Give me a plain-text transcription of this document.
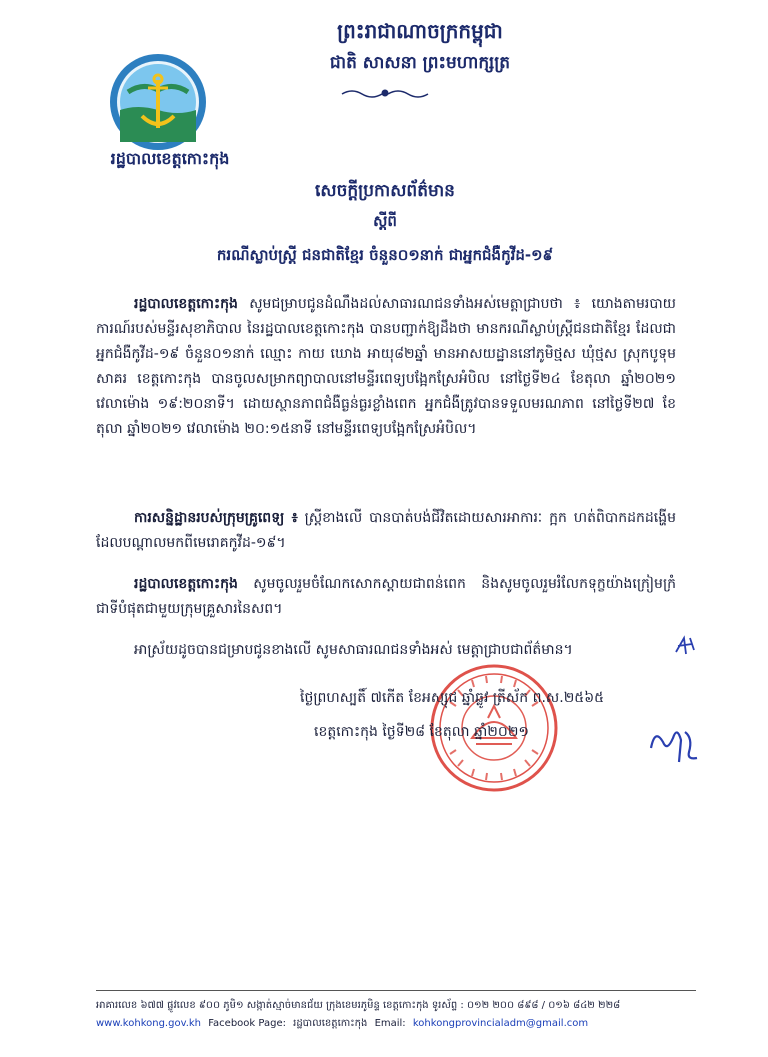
ព្រះរាជាណាចក្រកម្ពុជា
ជាតិ សាសនា ព្រះមហាក្សត្រ
រដ្ឋបាលខេត្តកោះកុង
សេចក្តីប្រកាសព័ត៌មាន
ស្តីពី
ករណីស្លាប់ស្ត្រី ជនជាតិខ្មែរ ចំនួន០១នាក់ ជាអ្នកជំងឺកូវីដ-១៩
រដ្ឋបាលខេត្តកោះកុង សូមជម្រាបជូនដំណឹងដល់សាធារណជនទាំងអស់មេត្តាជ្រាបថា ៖ យោងតាមរបាយការណ៍របស់មន្ទីរសុខាភិបាល នៃរដ្ឋបាលខេត្តកោះកុង បានបញ្ជាក់ឱ្យដឹងថា មានករណីស្លាប់ស្ត្រីជនជាតិខ្មែរ ដែលជាអ្នកជំងឺកូវីដ-១៩ ចំនួន០១នាក់ ឈ្មោះ កាយ ឃោង អាយុ៨២ឆ្នាំ មានអាសយដ្ឋាននៅភូមិថ្មស ឃុំថ្មស ស្រុកបូទុមសាគរ ខេត្តកោះកុង បានចូលសម្រាកព្យាបាលនៅមន្ទីរពេទ្យបង្អែកស្រែអំបិល នៅថ្ងៃទី២៤ ខែតុលា ឆ្នាំ២០២១ វេលាម៉ោង ១៩:២០នាទី។ ដោយស្ថានភាពជំងឺធ្ងន់ធ្ងរខ្លាំងពេក អ្នកជំងឺត្រូវបានទទួលមរណភាព នៅថ្ងៃទី២៧ ខែតុលា ឆ្នាំ២០២១ វេលាម៉ោង ២០:១៥នាទី នៅមន្ទីរពេទ្យបង្អែកស្រែអំបិល។
ការសន្និដ្ឋានរបស់ក្រុមគ្រូពេទ្យ ៖ ស្ត្រីខាងលើ បានបាត់បង់ជីវិតដោយសារអាការៈ ក្អក ហត់ពិបាកដកដង្ហើម ដែលបណ្តាលមកពីមេរោគកូវីដ-១៩។
រដ្ឋបាលខេត្តកោះកុង សូមចូលរួមចំណែកសោកស្តាយជាពន់ពេក និងសូមចូលរួមរំលែកទុក្ខយ៉ាងក្រៀមក្រំជាទីបំផុតជាមួយក្រុមគ្រួសារនៃសព។
អាស្រ័យដូចបានជម្រាបជូនខាងលើ សូមសាធារណជនទាំងអស់ មេត្តាជ្រាបជាព័ត៌មាន។
ថ្ងៃព្រហស្បតិ៍ ៧កើត ខែអស្សុជ ឆ្នាំឆ្លូវ ត្រីស័ក ព.ស.២៥៦៥
ខេត្តកោះកុង ថ្ងៃទី២៨ ខែតុលា ឆ្នាំ២០២១
អាគារលេខ ៦៧៧ ផ្លូវលេខ ៩០០ ភូមិ១ សង្កាត់ស្មាច់មានជ័យ ក្រុងខេមរភូមិន្ទ ខេត្តកោះកុង ទូរស័ព្ទ : ០១២ ២០០ ៨៩៨ / ០១៦ ៨៤២ ២២៨
www.kohkong.gov.kh Facebook Page: រដ្ឋបាលខេត្តកោះកុង Email: kohkongprovincialadm@gmail.com
